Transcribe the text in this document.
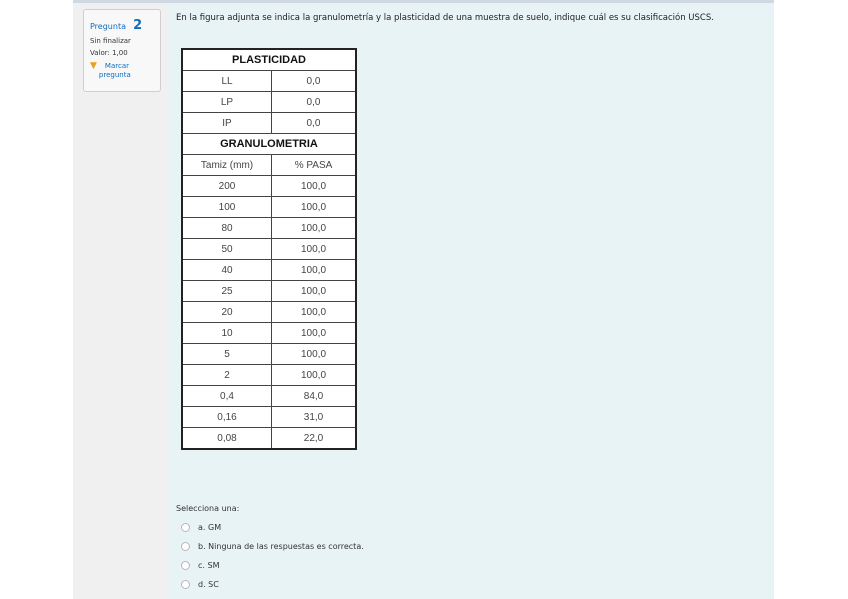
Pregunta 2
Sin finalizar
Valor: 1,00
▼	Marcar
pregunta
En la figura adjunta se indica la granulometría y la plasticidad de una muestra de suelo, indique cuál es su clasificación USCS.
PLASTICIDAD	
LL	0,0
LP	0,0
IP	0,0
GRANULOMETRIA	
Tamiz (mm)	% PASA
200	100,0
100	100,0
80	100,0
50	100,0
40	100,0
25	100,0
20	100,0
10	100,0
5	100,0
2	100,0
0,4	84,0
0,16	31,0
0,08	22,0
Selecciona una:
a. GM
b. Ninguna de las respuestas es correcta.
c. SM
d. SC
